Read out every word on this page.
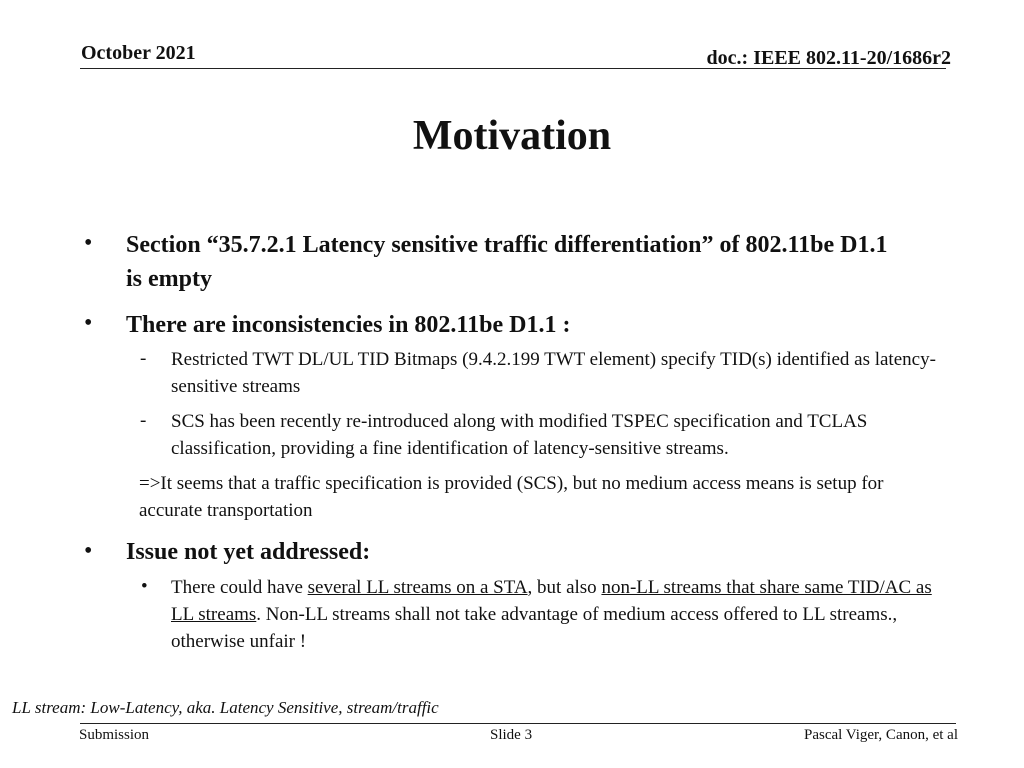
October 2021	doc.: IEEE 802.11-20/1686r2
Motivation
• Section “35.7.2.1 Latency sensitive traffic differentiation” of 802.11be D1.1 is empty
• There are inconsistencies in 802.11be D1.1 :
- Restricted TWT DL/UL TID Bitmaps (9.4.2.199 TWT element) specify TID(s) identified as latency-sensitive streams
- SCS has been recently re-introduced along with modified TSPEC specification and TCLAS classification, providing a fine identification of latency-sensitive streams.
=>It seems that a traffic specification is provided (SCS), but no medium access means is setup for accurate transportation
• Issue not yet addressed:
• There could have several LL streams on a STA, but also non-LL streams that share same TID/AC as LL streams. Non-LL streams shall not take advantage of medium access offered to LL streams., otherwise unfair !
LL stream: Low-Latency, aka. Latency Sensitive, stream/traffic
Submission	Slide 3	Pascal Viger, Canon, et al
